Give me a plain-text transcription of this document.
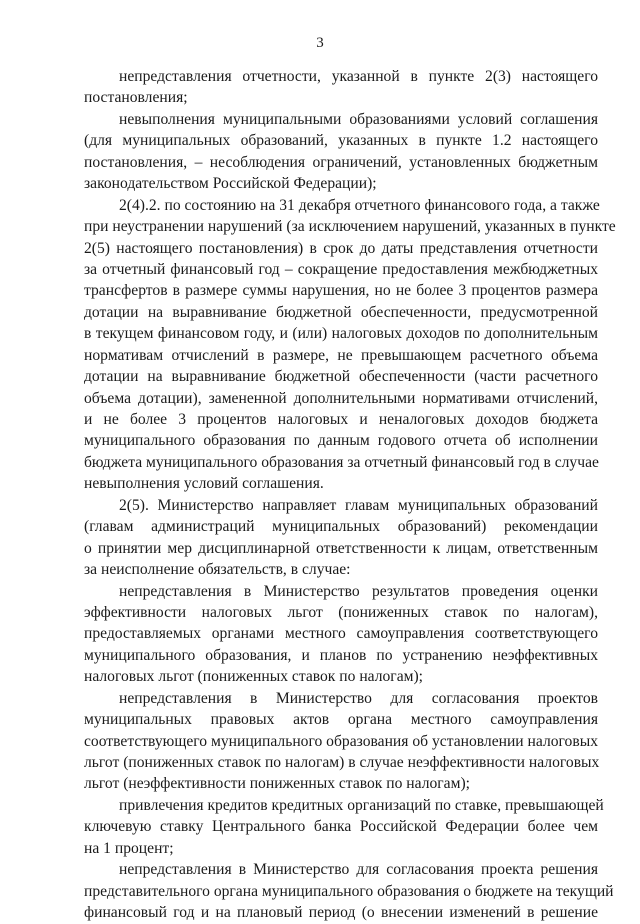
3
непредставления отчетности, указанной в пункте 2(3) настоящего
постановления;
невыполнения муниципальными образованиями условий соглашения
(для муниципальных образований, указанных в пункте 1.2 настоящего
постановления, – несоблюдения ограничений, установленных бюджетным
законодательством Российской Федерации);
2(4).2. по состоянию на 31 декабря отчетного финансового года, а также
при неустранении нарушений (за исключением нарушений, указанных в пункте
2(5) настоящего постановления) в срок до даты представления отчетности
за отчетный финансовый год – сокращение предоставления межбюджетных
трансфертов в размере суммы нарушения, но не более 3 процентов размера
дотации на выравнивание бюджетной обеспеченности, предусмотренной
в текущем финансовом году, и (или) налоговых доходов по дополнительным
нормативам отчислений в размере, не превышающем расчетного объема
дотации на выравнивание бюджетной обеспеченности (части расчетного
объема дотации), замененной дополнительными нормативами отчислений,
и не более 3 процентов налоговых и неналоговых доходов бюджета
муниципального образования по данным годового отчета об исполнении
бюджета муниципального образования за отчетный финансовый год в случае
невыполнения условий соглашения.
2(5). Министерство направляет главам муниципальных образований
(главам администраций муниципальных образований) рекомендации
о принятии мер дисциплинарной ответственности к лицам, ответственным
за неисполнение обязательств, в случае:
непредставления в Министерство результатов проведения оценки
эффективности налоговых льгот (пониженных ставок по налогам),
предоставляемых органами местного самоуправления соответствующего
муниципального образования, и планов по устранению неэффективных
налоговых льгот (пониженных ставок по налогам);
непредставления в Министерство для согласования проектов
муниципальных правовых актов органа местного самоуправления
соответствующего муниципального образования об установлении налоговых
льгот (пониженных ставок по налогам) в случае неэффективности налоговых
льгот (неэффективности пониженных ставок по налогам);
привлечения кредитов кредитных организаций по ставке, превышающей
ключевую ставку Центрального банка Российской Федерации более чем
на 1 процент;
непредставления в Министерство для согласования проекта решения
представительного органа муниципального образования о бюджете на текущий
финансовый год и на плановый период (о внесении изменений в решение
